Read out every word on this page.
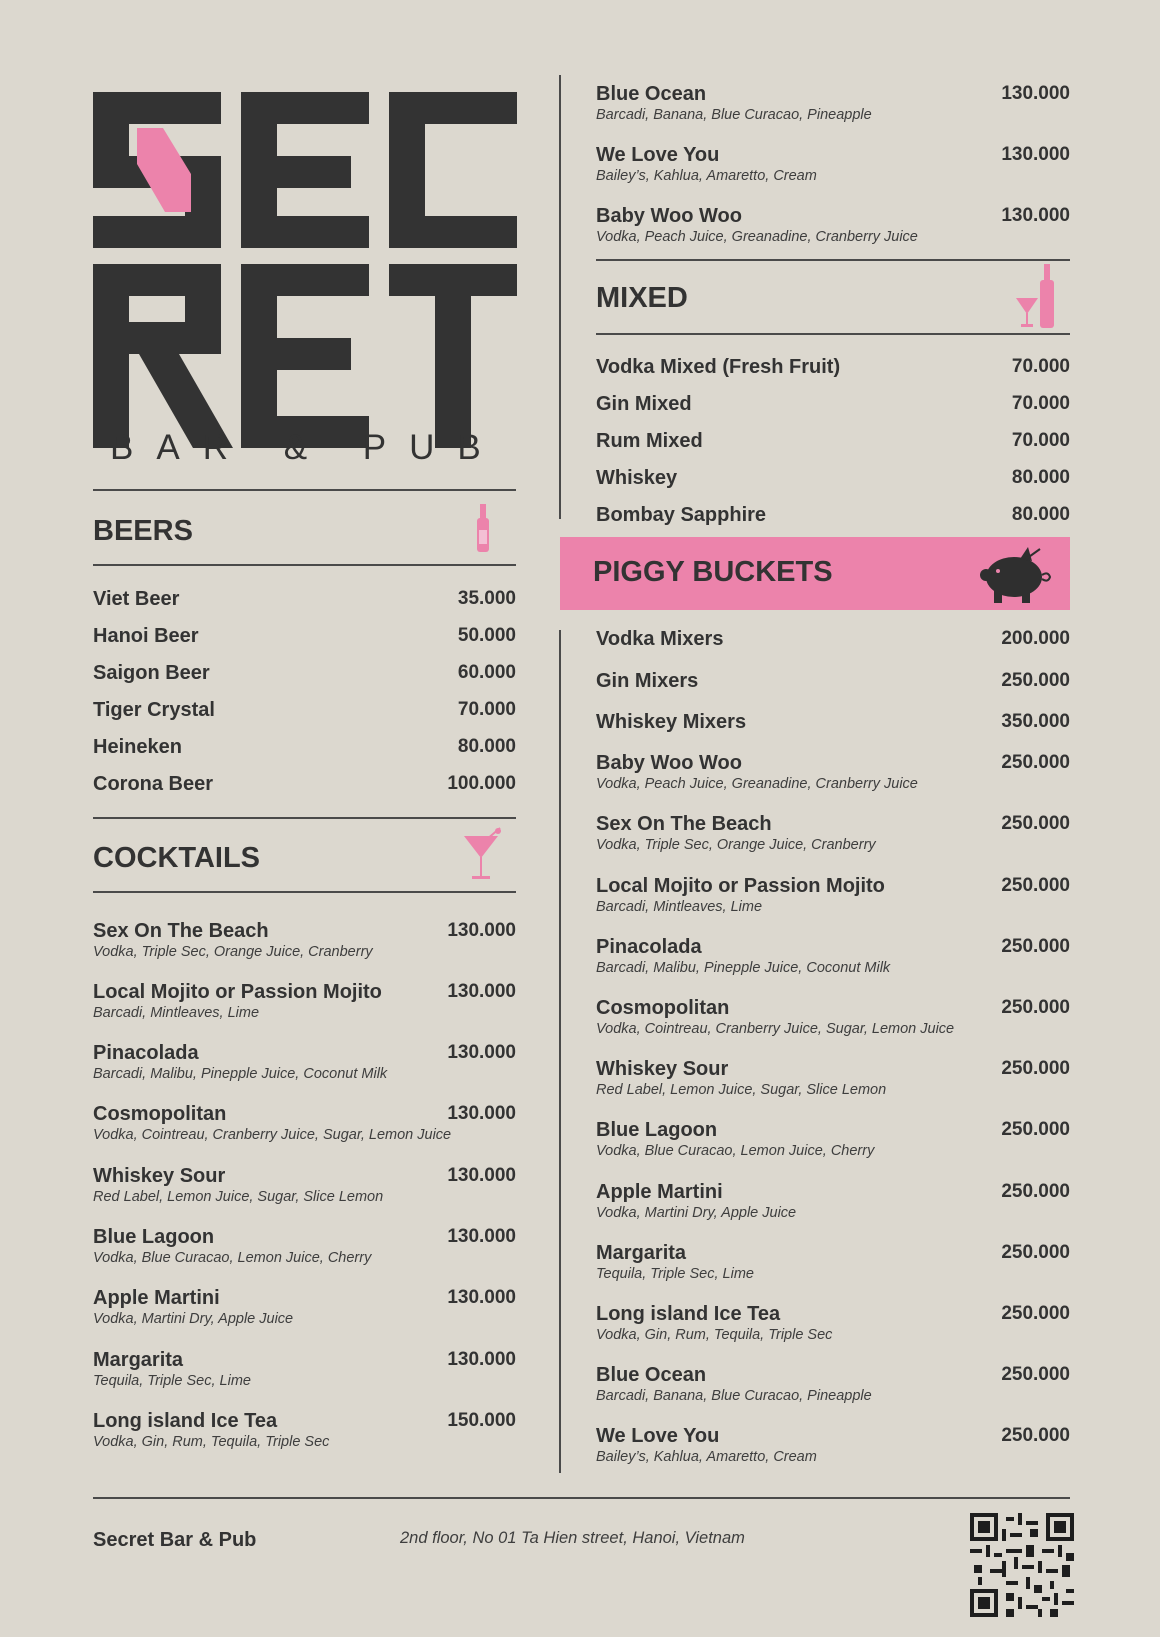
BAR & PUB
BEERS
Viet Beer	35.000
Hanoi Beer	50.000
Saigon Beer	60.000
Tiger Crystal	70.000
Heineken	80.000
Corona Beer	100.000
COCKTAILS
Sex On The Beach	130.000
Vodka, Triple Sec, Orange Juice, Cranberry
Local Mojito or Passion Mojito	130.000
Barcadi, Mintleaves, Lime
Pinacolada	130.000
Barcadi, Malibu, Pinepple Juice, Coconut Milk
Cosmopolitan	130.000
Vodka, Cointreau, Cranberry Juice, Sugar, Lemon Juice
Whiskey Sour	130.000
Red Label, Lemon Juice, Sugar, Slice Lemon
Blue Lagoon	130.000
Vodka, Blue Curacao, Lemon Juice, Cherry
Apple Martini	130.000
Vodka, Martini Dry, Apple Juice
Margarita	130.000
Tequila, Triple Sec, Lime
Long island Ice Tea	150.000
Vodka, Gin, Rum, Tequila, Triple Sec
Blue Ocean	130.000
Barcadi, Banana, Blue Curacao, Pineapple
We Love You	130.000
Bailey’s, Kahlua, Amaretto, Cream
Baby Woo Woo	130.000
Vodka, Peach Juice, Greanadine, Cranberry Juice
MIXED
Vodka Mixed (Fresh Fruit)	70.000
Gin Mixed	70.000
Rum Mixed	70.000
Whiskey	80.000
Bombay Sapphire	80.000
PIGGY BUCKETS
Vodka Mixers	200.000
Gin Mixers	250.000
Whiskey Mixers	350.000
Baby Woo Woo	250.000
Vodka, Peach Juice, Greanadine, Cranberry Juice
Sex On The Beach	250.000
Vodka, Triple Sec, Orange Juice, Cranberry
Local Mojito or Passion Mojito	250.000
Barcadi, Mintleaves, Lime
Pinacolada	250.000
Barcadi, Malibu, Pinepple Juice, Coconut Milk
Cosmopolitan	250.000
Vodka, Cointreau, Cranberry Juice, Sugar, Lemon Juice
Whiskey Sour	250.000
Red Label, Lemon Juice, Sugar, Slice Lemon
Blue Lagoon	250.000
Vodka, Blue Curacao, Lemon Juice, Cherry
Apple Martini	250.000
Vodka, Martini Dry, Apple Juice
Margarita	250.000
Tequila, Triple Sec, Lime
Long island Ice Tea	250.000
Vodka, Gin, Rum, Tequila, Triple Sec
Blue Ocean	250.000
Barcadi, Banana, Blue Curacao, Pineapple
We Love You	250.000
Bailey’s, Kahlua, Amaretto, Cream
Secret Bar & Pub	2nd floor, No 01 Ta Hien street, Hanoi, Vietnam
